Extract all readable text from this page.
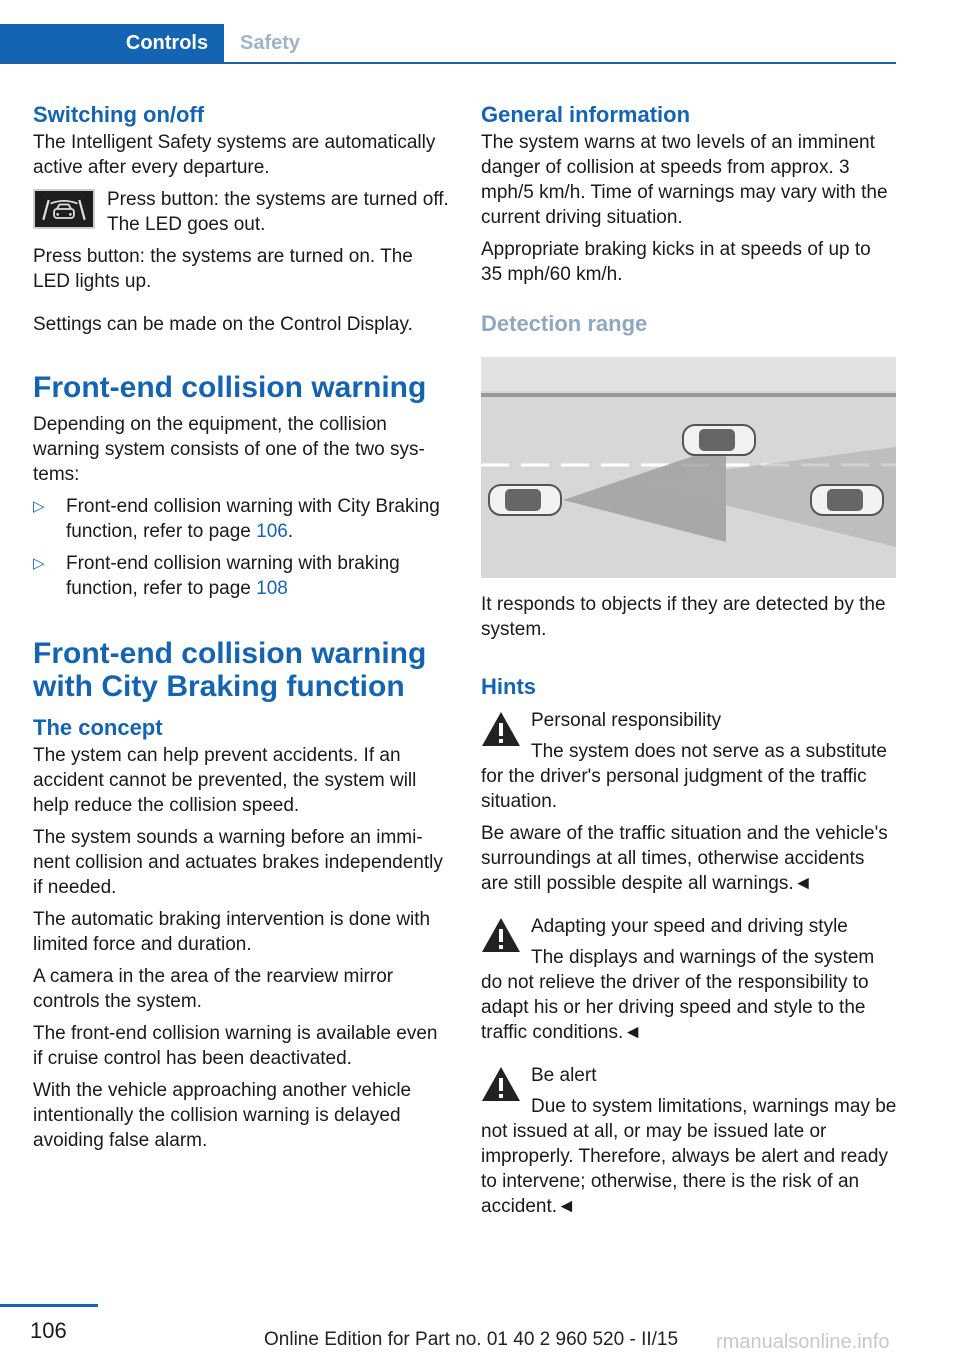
Controls	Safety
Switching on/off

The Intelligent Safety systems are automatically active after every departure.

Press button: the systems are turned off. The LED goes out.

Press button: the systems are turned on. The LED lights up.

Settings can be made on the Control Display.

Front-end collision warning

Depending on the equipment, the collision warning system consists of one of the two systems:

▷ Front-end collision warning with City Braking function, refer to page 106.
▷ Front-end collision warning with braking function, refer to page 108
Front-end collision warning with City Braking function
The concept

The ystem can help prevent accidents. If an accident cannot be prevented, the system will help reduce the collision speed.

The system sounds a warning before an imminent collision and actuates brakes independently if needed.

The automatic braking intervention is done with limited force and duration.

A camera in the area of the rearview mirror controls the system.

The front-end collision warning is available even if cruise control has been deactivated.

With the vehicle approaching another vehicle intentionally the collision warning is delayed avoiding false alarm.

General information

The system warns at two levels of an imminent danger of collision at speeds from approx. 3 mph/5 km/h. Time of warnings may vary with the current driving situation.

Appropriate braking kicks in at speeds of up to 35 mph/60 km/h.

Detection range

It responds to objects if they are detected by the system.

Hints

Personal responsibility

The system does not serve as a substitute for the driver's personal judgment of the traffic situation.

Be aware of the traffic situation and the vehicle's surroundings at all times, otherwise accidents are still possible despite all warnings.◄

Adapting your speed and driving style

The displays and warnings of the system do not relieve the driver of the responsibility to adapt his or her driving speed and style to the traffic conditions.◄

Be alert

Due to system limitations, warnings may be not issued at all, or may be issued late or improperly. Therefore, always be alert and ready to intervene; otherwise, there is the risk of an accident.◄

106	Online Edition for Part no. 01 40 2 960 520 - II/15 rmanualsonline.info
